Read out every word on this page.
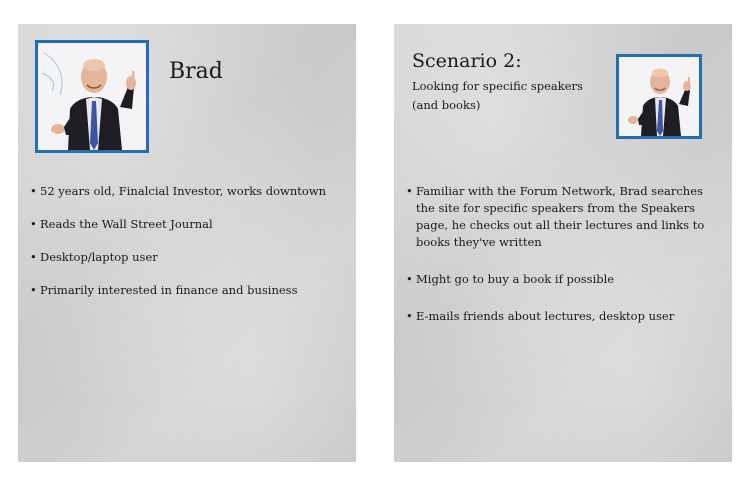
Brad
• 52 years old, Finalcial Investor, works downtown
• Reads the Wall Street Journal
• Desktop/laptop user
• Primarily interested in finance and business
Scenario 2:

Looking for specific speakers (and books)

• Familiar with the Forum Network, Brad searches the site for specific speakers from the Speakers page, he checks out all their lectures and links to books they've written
• Might go to buy a book if possible
• E-mails friends about lectures, desktop user
